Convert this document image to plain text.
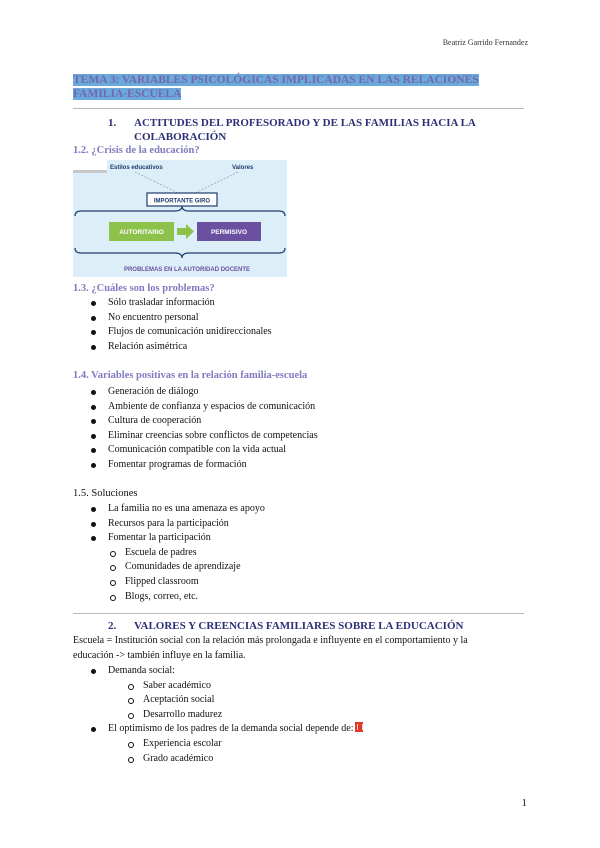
Beatriz Garrido Fernandez
TEMA 3: VARIABLES PSICOLÓGICAS IMPLICADAS EN LAS RELACIONES
FAMILIA-ESCUELA
1. ACTITUDES DEL PROFESORADO Y DE LAS FAMILIAS HACIA LA
COLABORACIÓN
1.2. ¿Crisis de la educación?
Estilos educativos	Valores
IMPORTANTE GIRO
AUTORITARIO	PERMISIVO
PROBLEMAS EN LA AUTORIDAD DOCENTE
1.3. ¿Cuáles son los problemas?
Sólo trasladar información
No encuentro personal
Flujos de comunicación unidireccionales
Relación asimétrica
1.4. Variables positivas en la relación familia-escuela
Generación de diálogo
Ambiente de confianza y espacios de comunicación
Cultura de cooperación
Eliminar creencias sobre conflictos de competencias
Comunicación compatible con la vida actual
Fomentar programas de formación
1.5. Soluciones
La familia no es una amenaza es apoyo
Recursos para la participación
Fomentar la participación
Escuela de padres
Comunidades de aprendizaje
Flipped classroom
Blogs, correo, etc.
2. VALORES Y CREENCIAS FAMILIARES SOBRE LA EDUCACIÓN
Escuela = Institución social con la relación más prolongada e influyente en el comportamiento y la
educación -> también influye en la familia.
Demanda social:
Saber académico
Aceptación social
Desarrollo madurez
El optimismo de los padres de la demanda social depende de:
Experiencia escolar
Grado académico
1
